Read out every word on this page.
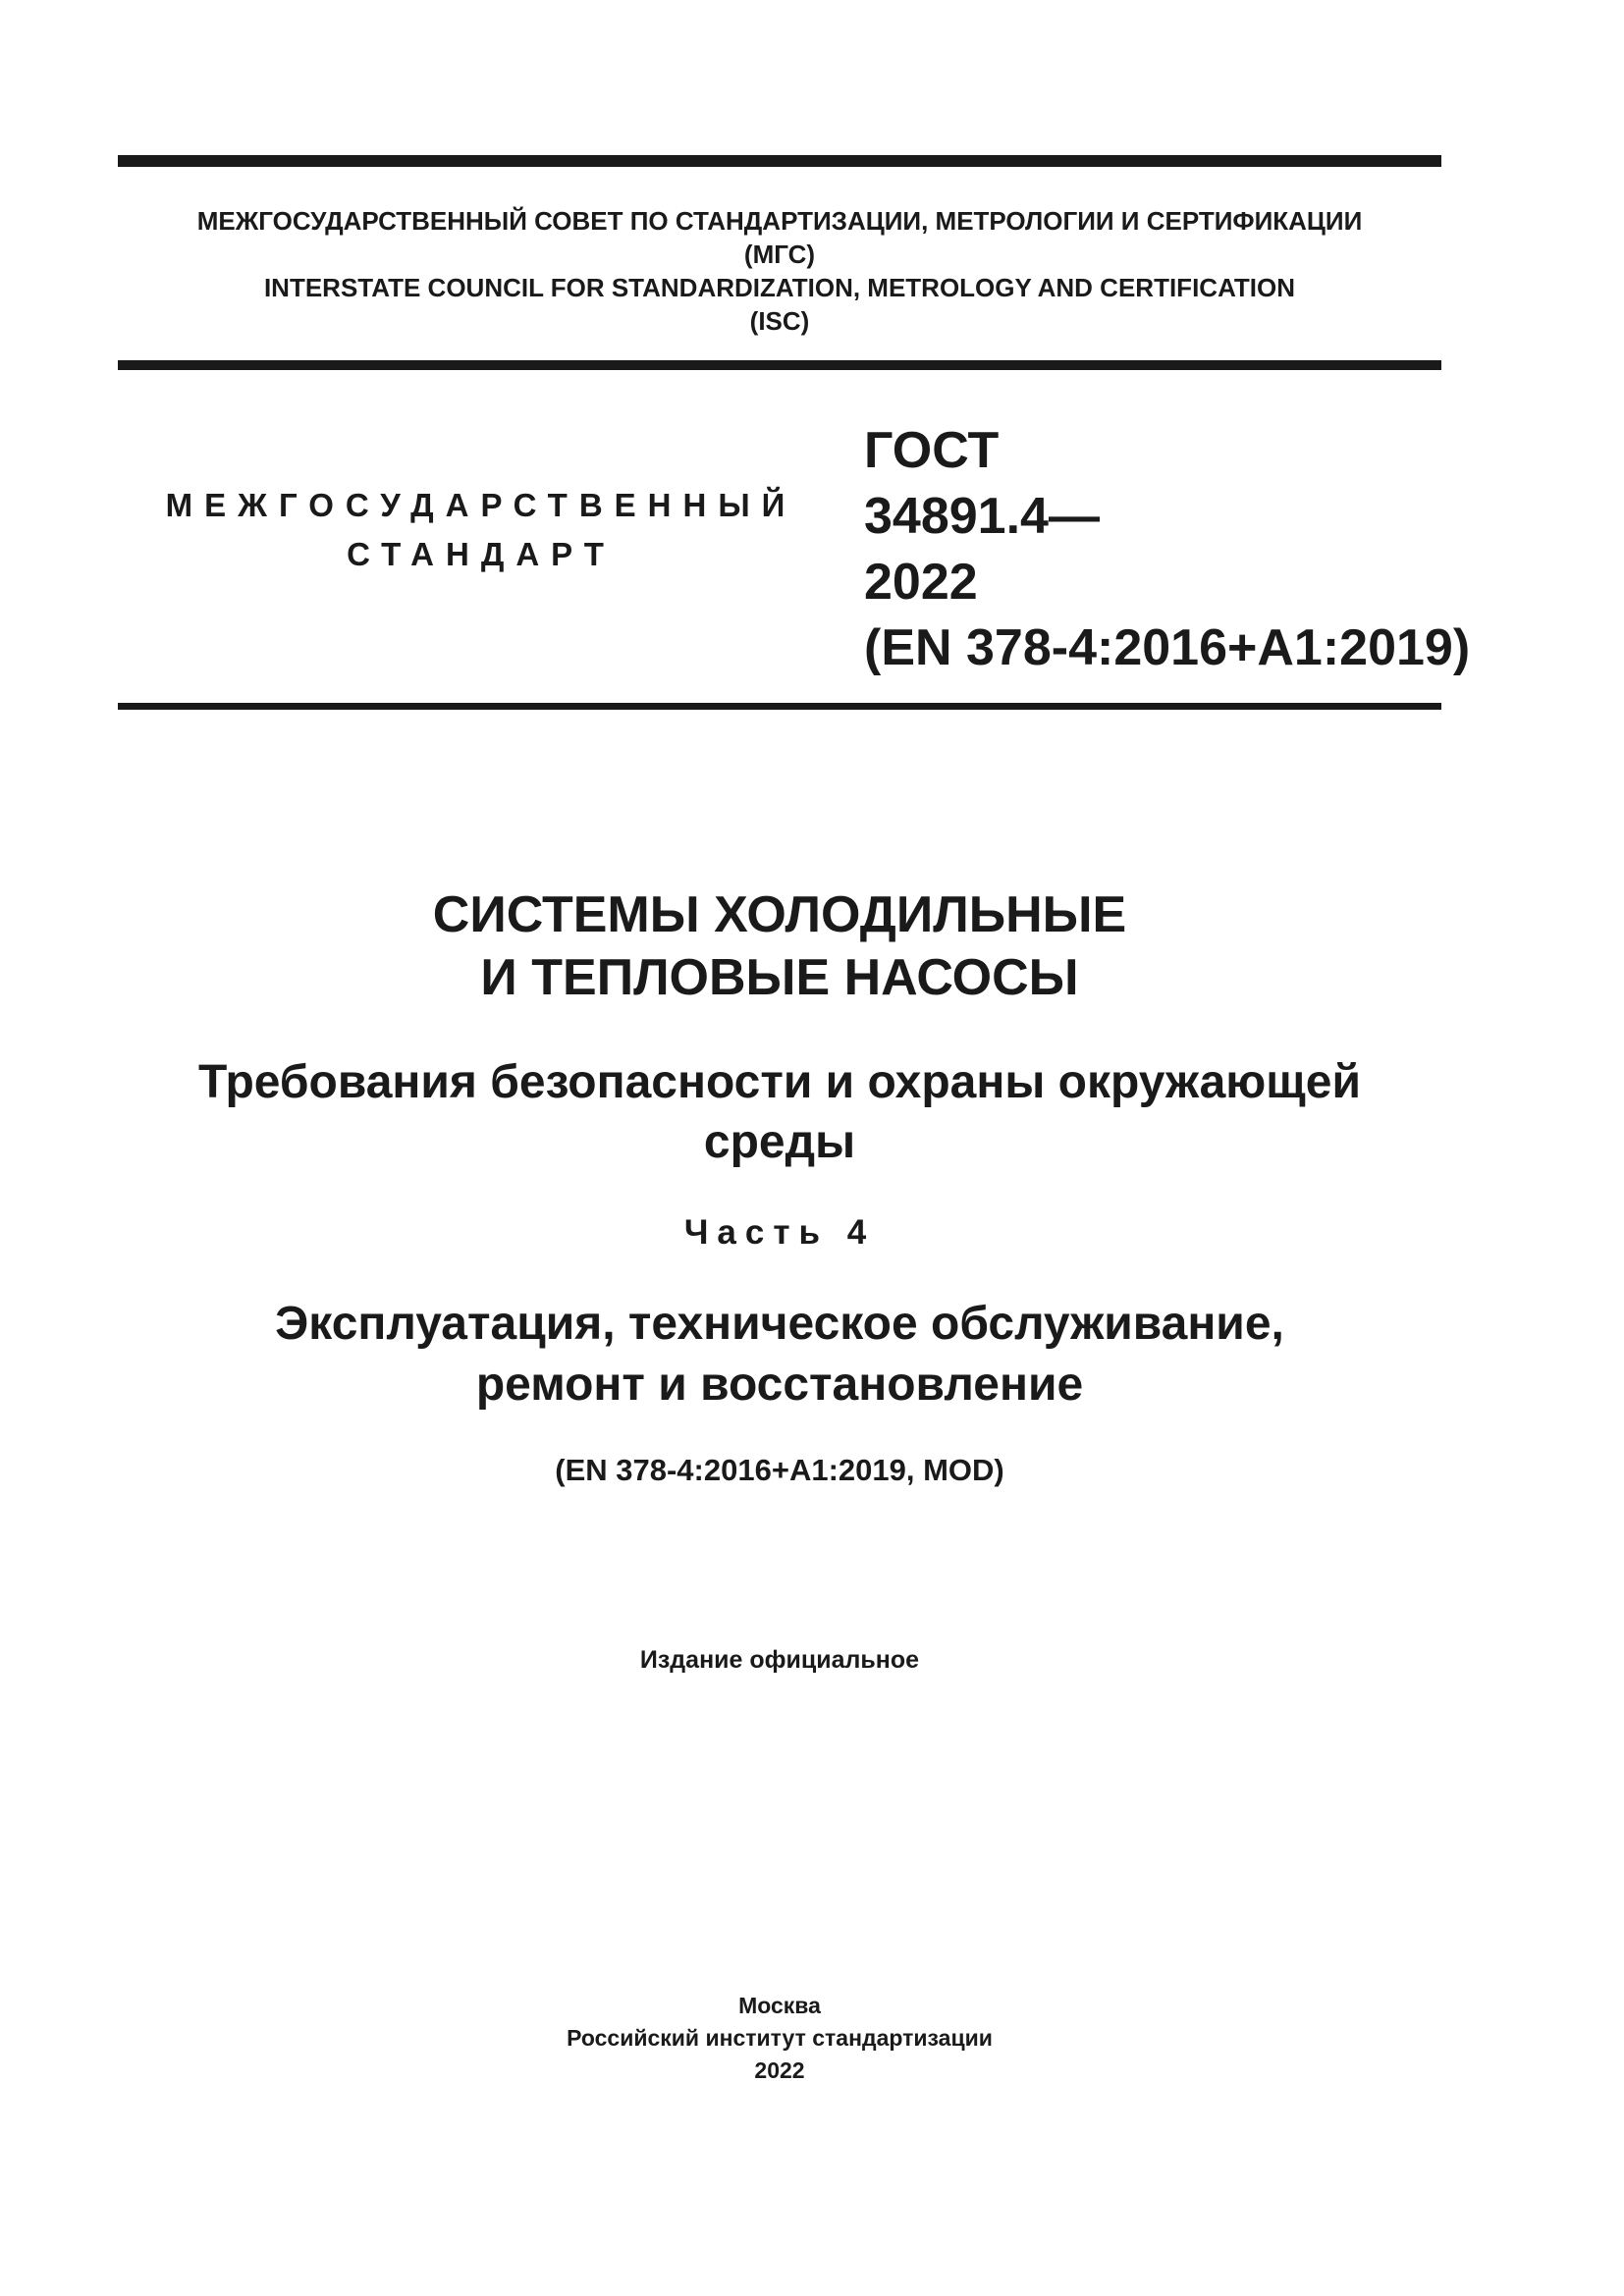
МЕЖГОСУДАРСТВЕННЫЙ СОВЕТ ПО СТАНДАРТИЗАЦИИ, МЕТРОЛОГИИ И СЕРТИФИКАЦИИ
(МГС)
INTERSTATE COUNCIL FOR STANDARDIZATION, METROLOGY AND CERTIFICATION
(ISC)
МЕЖГОСУДАРСТВЕННЫЙ
СТАНДАРТ
ГОСТ
34891.4—
2022
(EN 378-4:2016+A1:2019)
СИСТЕМЫ ХОЛОДИЛЬНЫЕ
И ТЕПЛОВЫЕ НАСОСЫ
Требования безопасности и охраны окружающей
среды
Часть 4
Эксплуатация, техническое обслуживание,
ремонт и восстановление
(EN 378-4:2016+A1:2019, MOD)
Издание официальное
Москва
Российский институт стандартизации
2022
